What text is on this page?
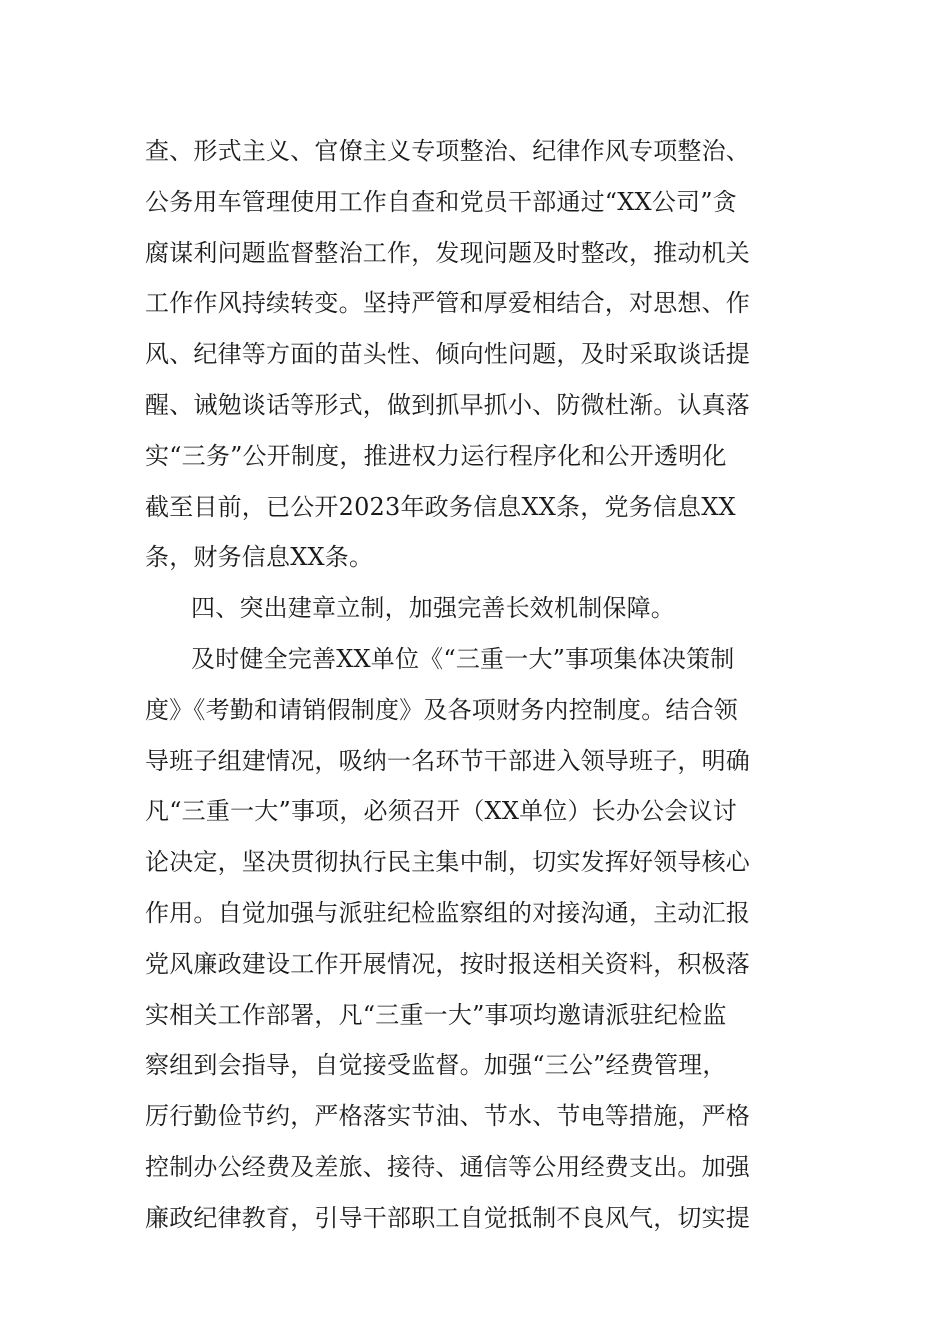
查、形式主义、官僚主义专项整治、纪律作风专项整治、
公务用车管理使用工作自查和党员干部通过“XX公司”贪
腐谋利问题监督整治工作，发现问题及时整改，推动机关
工作作风持续转变。坚持严管和厚爱相结合，对思想、作
风、纪律等方面的苗头性、倾向性问题，及时采取谈话提
醒、诫勉谈话等形式，做到抓早抓小、防微杜渐。认真落
实“三务”公开制度，推进权力运行程序化和公开透明化
截至目前，已公开2023年政务信息XX条，党务信息XX
条，财务信息XX条。
四、突出建章立制，加强完善长效机制保障。
及时健全完善XX单位《“三重一大”事项集体决策制
度》《考勤和请销假制度》及各项财务内控制度。结合领
导班子组建情况，吸纳一名环节干部进入领导班子，明确
凡“三重一大”事项，必须召开（XX单位）长办公会议讨
论决定，坚决贯彻执行民主集中制，切实发挥好领导核心
作用。自觉加强与派驻纪检监察组的对接沟通，主动汇报
党风廉政建设工作开展情况，按时报送相关资料，积极落
实相关工作部署，凡“三重一大”事项均邀请派驻纪检监
察组到会指导，自觉接受监督。加强“三公”经费管理，
厉行勤俭节约，严格落实节油、节水、节电等措施，严格
控制办公经费及差旅、接待、通信等公用经费支出。加强
廉政纪律教育，引导干部职工自觉抵制不良风气，切实提
